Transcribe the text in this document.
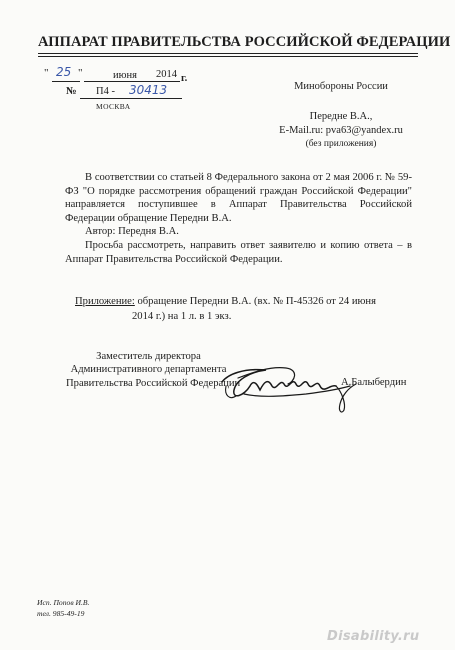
АППАРАТ ПРАВИТЕЛЬСТВА РОССИЙСКОЙ ФЕДЕРАЦИИ
" 25 "	июня 2014 г.
№ П4 - 30413
МОСКВА
Минобороны России
Передне В.А.,
E-Mail.ru: pva63@yandex.ru
(без приложения)

В соответствии со статьей 8 Федерального закона от 2 мая 2006 г. № 59-ФЗ "О порядке рассмотрения обращений граждан Российской Федерации" направляется поступившее в Аппарат Правительства Российской Федерации обращение Передни В.А.

Автор: Передня В.А.

Просьба рассмотреть, направить ответ заявителю и копию ответа – в Аппарат Правительства Российской Федерации.

Приложение: обращение Передни В.А. (вх. № П-45326 от 24 июня
2014 г.) на 1 л. в 1 экз.
Заместитель директора
Административного департамента
Правительства Российской Федерации	А.Балыбердин
Исп. Попов И.В.
тел. 985-49-19
Disability.ru
